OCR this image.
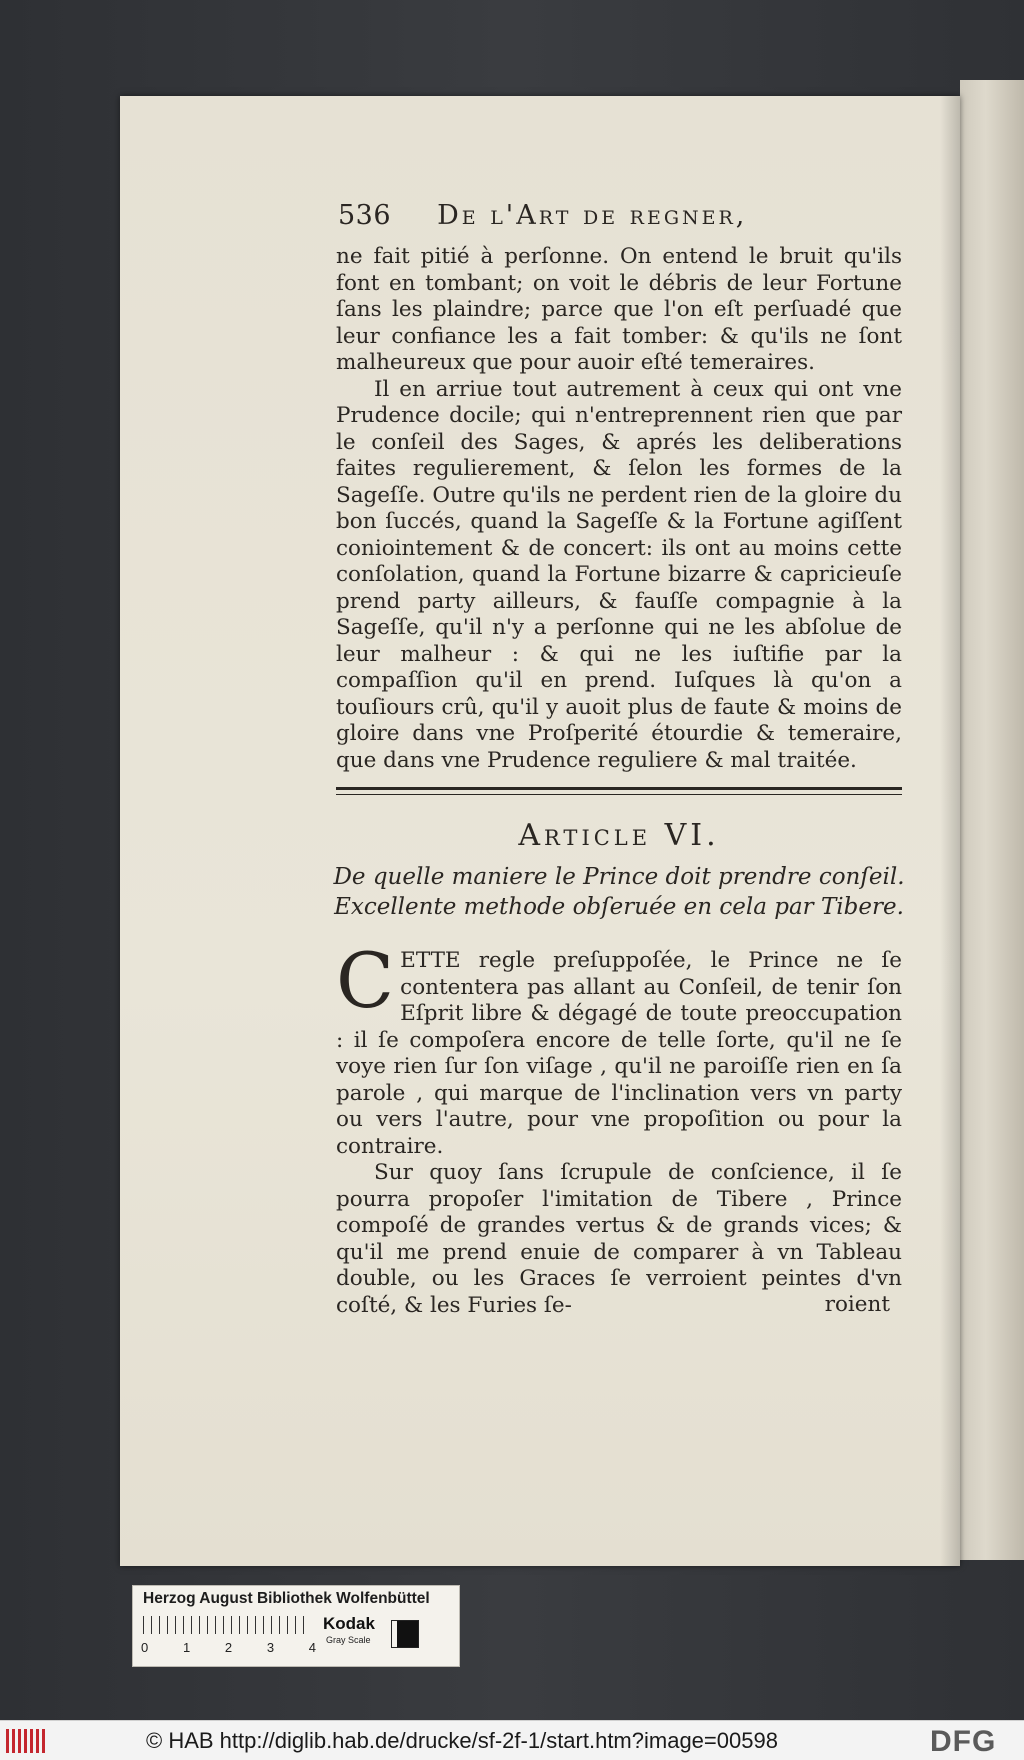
536 De l'Art de regner,

ne fait pitié à perſonne. On entend le bruit qu'ils font en tombant; on voit le débris de leur Fortune ſans les plaindre; parce que l'on eſt perſuadé que leur confiance les a fait tomber: & qu'ils ne ſont malheureux que pour auoir eſté temeraires.

Il en arriue tout autrement à ceux qui ont vne Prudence docile; qui n'entreprennent rien que par le conſeil des Sages, & aprés les deliberations faites regulierement, & ſelon les formes de la Sageſſe. Outre qu'ils ne perdent rien de la gloire du bon ſuccés, quand la Sageſſe & la Fortune agiſſent coniointement & de concert: ils ont au moins cette conſolation, quand la Fortune bizarre & capricieuſe prend party ailleurs, & fauſſe compagnie à la Sageſſe, qu'il n'y a perſonne qui ne les abſolue de leur malheur : & qui ne les iuſtifie par la compaſſion qu'il en prend. Iuſques là qu'on a touſiours crû, qu'il y auoit plus de faute & moins de gloire dans vne Proſperité étourdie & temeraire, que dans vne Prudence reguliere & mal traitée.

Article VI.
De quelle maniere le Prince doit prendre conſeil. Excellente methode obſeruée en cela par Tibere.

CETTE regle preſuppoſée, le Prince ne ſe contentera pas allant au Conſeil, de tenir ſon Eſprit libre & dégagé de toute preoccupation : il ſe compoſera encore de telle ſorte, qu'il ne ſe voye rien ſur ſon viſage , qu'il ne paroiſſe rien en ſa parole , qui marque de l'inclination vers vn party ou vers l'autre, pour vne propoſition ou pour la contraire.

Sur quoy ſans ſcrupule de conſcience, il ſe pourra propoſer l'imitation de Tibere , Prince compoſé de grandes vertus & de grands vices; & qu'il me prend enuie de comparer à vn Tableau double, ou les Graces ſe verroient peintes d'vn coſté, & les Furies ſe-	roient
Herzog August Bibliothek Wolfenbüttel
0	1	2	3	4
Kodak
Gray Scale
© HAB http://diglib.hab.de/drucke/sf-2f-1/start.htm?image=00598	DFG
